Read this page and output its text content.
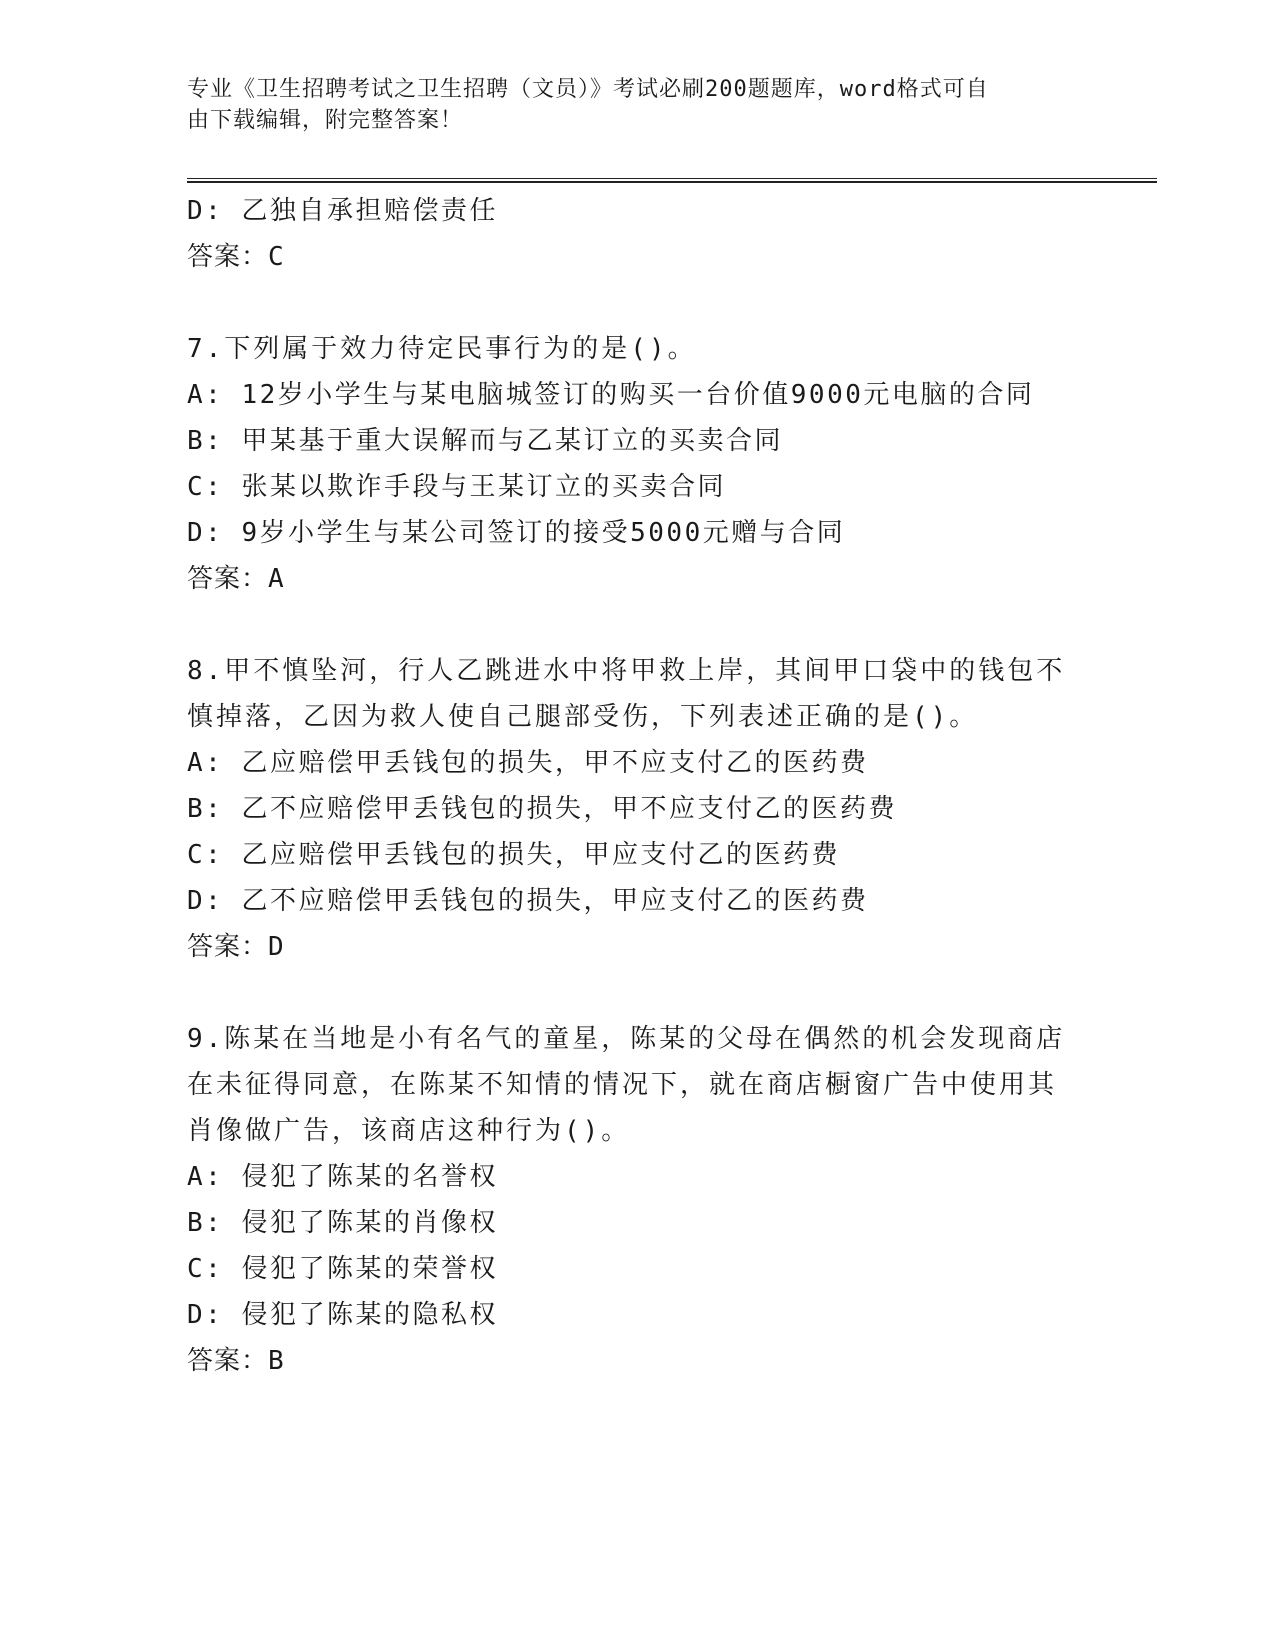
专业《卫生招聘考试之卫生招聘（文员）》考试必刷200题题库，word格式可自
由下载编辑，附完整答案！
D: 乙独自承担赔偿责任
答案：C
7.下列属于效力待定民事行为的是()。
A: 12岁小学生与某电脑城签订的购买一台价值9000元电脑的合同
B: 甲某基于重大误解而与乙某订立的买卖合同
C: 张某以欺诈手段与王某订立的买卖合同
D: 9岁小学生与某公司签订的接受5000元赠与合同
答案：A
8.甲不慎坠河，行人乙跳进水中将甲救上岸，其间甲口袋中的钱包不
慎掉落，乙因为救人使自己腿部受伤，下列表述正确的是()。
A: 乙应赔偿甲丢钱包的损失，甲不应支付乙的医药费
B: 乙不应赔偿甲丢钱包的损失，甲不应支付乙的医药费
C: 乙应赔偿甲丢钱包的损失，甲应支付乙的医药费
D: 乙不应赔偿甲丢钱包的损失，甲应支付乙的医药费
答案：D
9.陈某在当地是小有名气的童星，陈某的父母在偶然的机会发现商店
在未征得同意，在陈某不知情的情况下，就在商店橱窗广告中使用其
肖像做广告，该商店这种行为()。
A: 侵犯了陈某的名誉权
B: 侵犯了陈某的肖像权
C: 侵犯了陈某的荣誉权
D: 侵犯了陈某的隐私权
答案：B
